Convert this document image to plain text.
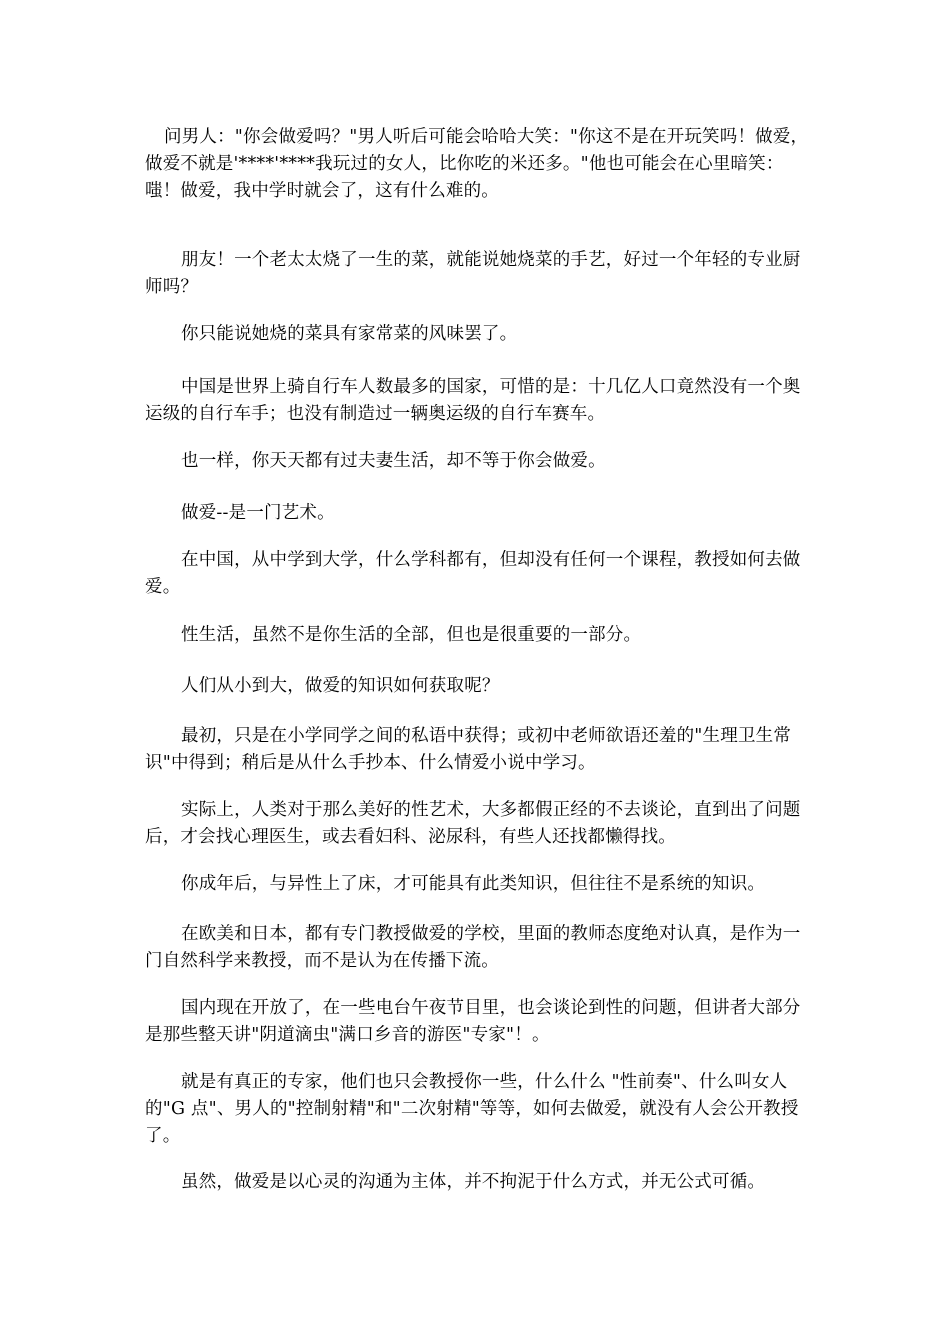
问男人："你会做爱吗？"男人听后可能会哈哈大笑："你这不是在开玩笑吗！做爱，做爱不就是'****'****我玩过的女人，比你吃的米还多。"他也可能会在心里暗笑：嗤！做爱，我中学时就会了，这有什么难的。

朋友！一个老太太烧了一生的菜，就能说她烧菜的手艺，好过一个年轻的专业厨师吗？

你只能说她烧的菜具有家常菜的风味罢了。

中国是世界上骑自行车人数最多的国家，可惜的是：十几亿人口竟然没有一个奥运级的自行车手；也没有制造过一辆奥运级的自行车赛车。

也一样，你天天都有过夫妻生活，却不等于你会做爱。

做爱--是一门艺术。

在中国，从中学到大学，什么学科都有，但却没有任何一个课程，教授如何去做爱。

性生活，虽然不是你生活的全部，但也是很重要的一部分。

人们从小到大，做爱的知识如何获取呢？

最初，只是在小学同学之间的私语中获得；或初中老师欲语还羞的"生理卫生常识"中得到；稍后是从什么手抄本、什么情爱小说中学习。

实际上，人类对于那么美好的性艺术，大多都假正经的不去谈论，直到出了问题后，才会找心理医生，或去看妇科、泌尿科，有些人还找都懒得找。

你成年后，与异性上了床，才可能具有此类知识，但往往不是系统的知识。

在欧美和日本，都有专门教授做爱的学校，里面的教师态度绝对认真，是作为一门自然科学来教授，而不是认为在传播下流。

国内现在开放了，在一些电台午夜节目里，也会谈论到性的问题，但讲者大部分是那些整天讲"阴道滴虫"满口乡音的游医"专家"！。

就是有真正的专家，他们也只会教授你一些，什么什么 "性前奏"、什么叫女人的"G 点"、男人的"控制射精"和"二次射精"等等，如何去做爱，就没有人会公开教授了。

虽然，做爱是以心灵的沟通为主体，并不拘泥于什么方式，并无公式可循。
